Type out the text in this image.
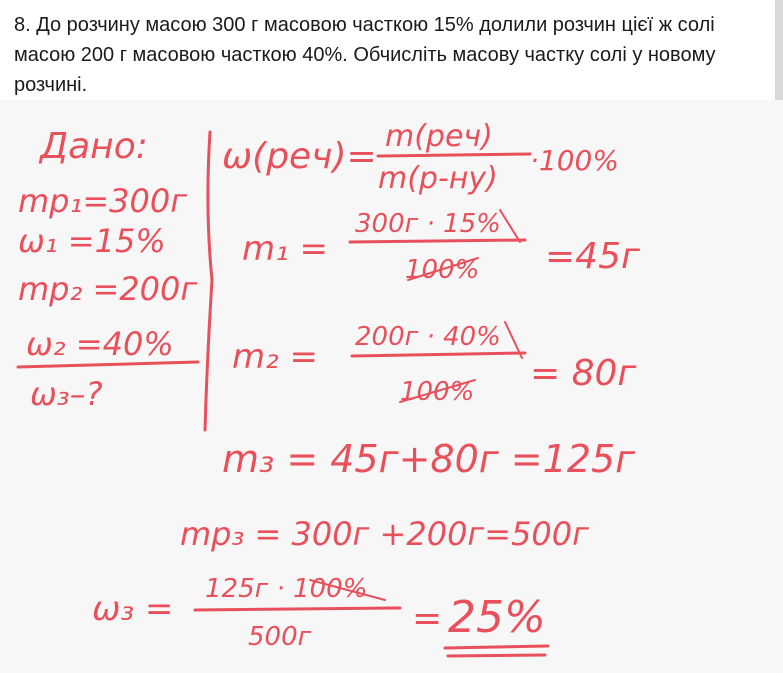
8. До розчину масою 300 г масовою часткою 15% долили розчин цієї ж солі масою 200 г масовою часткою 40%. Обчисліть масову частку солі у новому розчині.
Дано:
mр₁=300г
ω₁ =15%
mр₂ =200г
ω₂ =40%
ω₃–?
ω(реч)= m(реч)
m(р-ну)
·100%
m₁ =
300г · 15%
100% =45г
m₂ = 200г · 40%
100% = 80г
m₃ = 45г+80г =125г
mр₃ = 300г +200г=500г
ω₃ = 125г · 100%
500г	= 25%
